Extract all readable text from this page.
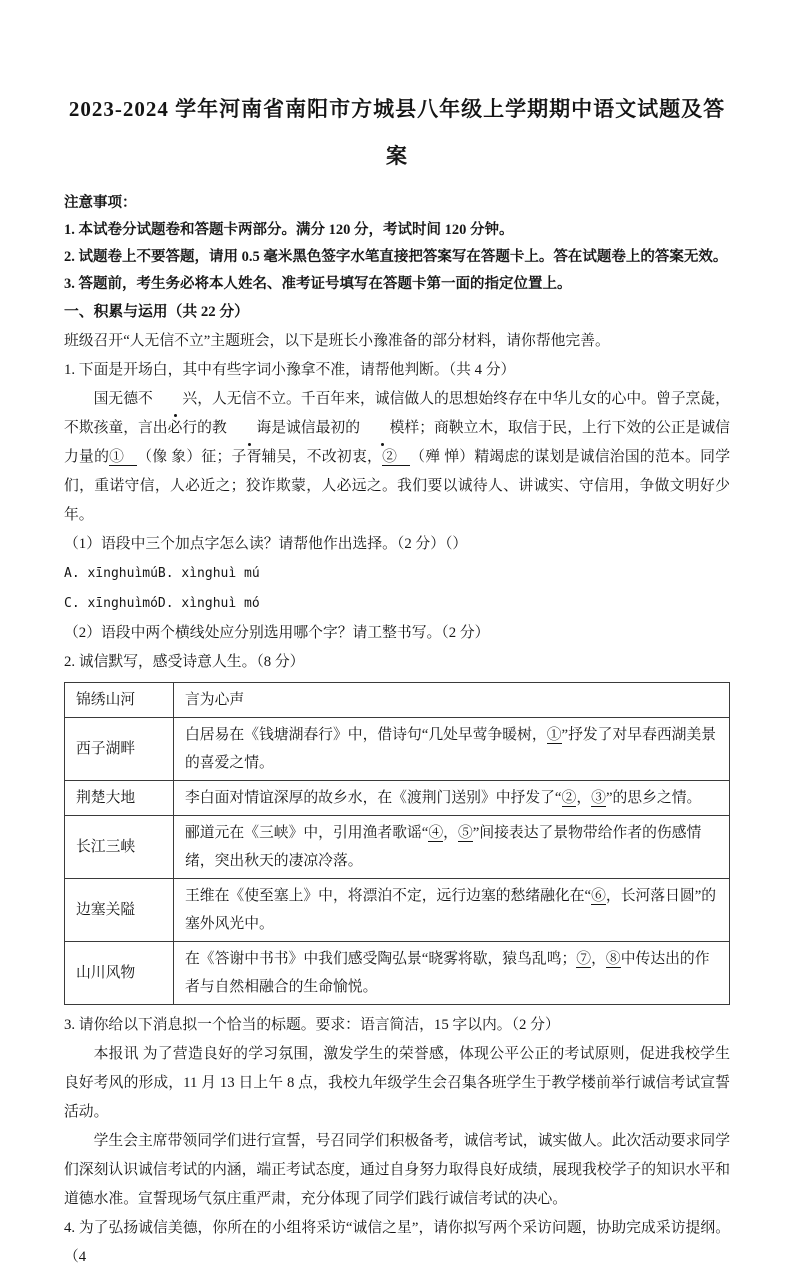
2023-2024 学年河南省南阳市方城县八年级上学期期中语文试题及答
案

注意事项：

1. 本试卷分试题卷和答题卡两部分。满分 120 分，考试时间 120 分钟。

2. 试题卷上不要答题，请用 0.5 毫米黑色签字水笔直接把答案写在答题卡上。答在试题卷上的答案无效。

3. 答题前，考生务必将本人姓名、准考证号填写在答题卡第一面的指定位置上。

一、积累与运用（共 22 分）

班级召开“人无信不立”主题班会，以下是班长小豫准备的部分材料，请你帮他完善。

1. 下面是开场白，其中有些字词小豫拿不准，请帮他判断。（共 4 分）

国无德不 兴，人无信不立。千百年来，诚信做人的思想始终存在中华儿女的心中。曾子烹彘，不欺孩童，言出必行的教 诲是诚信最初的 模样；商鞅立木，取信于民，上行下效的公正是诚信力量的① （像 象）征；子胥辅吴，不改初衷，② （殚 惮）精竭虑的谋划是诚信治国的范本。同学们，重诺守信，人必近之；狡诈欺蒙，人必远之。我们要以诚待人、讲诚实、守信用，争做文明好少年。

（1）语段中三个加点字怎么读？请帮他作出选择。（2 分）（）

A. xīnghuìmúB. xìnghuì mú

C. xīnghuìmóD. xìnghuì mó

（2）语段中两个横线处应分别选用哪个字？请工整书写。（2 分）

2. 诚信默写，感受诗意人生。（8 分）

锦绣山河	言为心声
西子湖畔	白居易在《钱塘湖春行》中，借诗句“几处早莺争暖树，①”抒发了对早春西湖美景的喜爱之情。
荆楚大地	李白面对情谊深厚的故乡水，在《渡荆门送别》中抒发了“②，③”的思乡之情。
长江三峡	郦道元在《三峡》中，引用渔者歌谣“④，⑤”间接表达了景物带给作者的伤感情绪，突出秋天的凄凉冷落。
边塞关隘	王维在《使至塞上》中，将漂泊不定，远行边塞的愁绪融化在“⑥，长河落日圆”的塞外风光中。
山川风物	在《答谢中书书》中我们感受陶弘景“晓雾将歇，猿鸟乱鸣；⑦，⑧中传达出的作者与自然相融合的生命愉悦。

3. 请你给以下消息拟一个恰当的标题。要求：语言简洁，15 字以内。（2 分）

本报讯 为了营造良好的学习氛围，激发学生的荣誉感，体现公平公正的考试原则，促进我校学生良好考风的形成，11 月 13 日上午 8 点，我校九年级学生会召集各班学生于教学楼前举行诚信考试宣誓活动。

学生会主席带领同学们进行宣誓，号召同学们积极备考，诚信考试，诚实做人。此次活动要求同学们深刻认识诚信考试的内涵，端正考试态度，通过自身努力取得良好成绩，展现我校学子的知识水平和道德水准。宣誓现场气氛庄重严肃，充分体现了同学们践行诚信考试的决心。

4. 为了弘扬诚信美德，你所在的小组将采访“诚信之星”，请你拟写两个采访问题，协助完成采访提纲。（4
